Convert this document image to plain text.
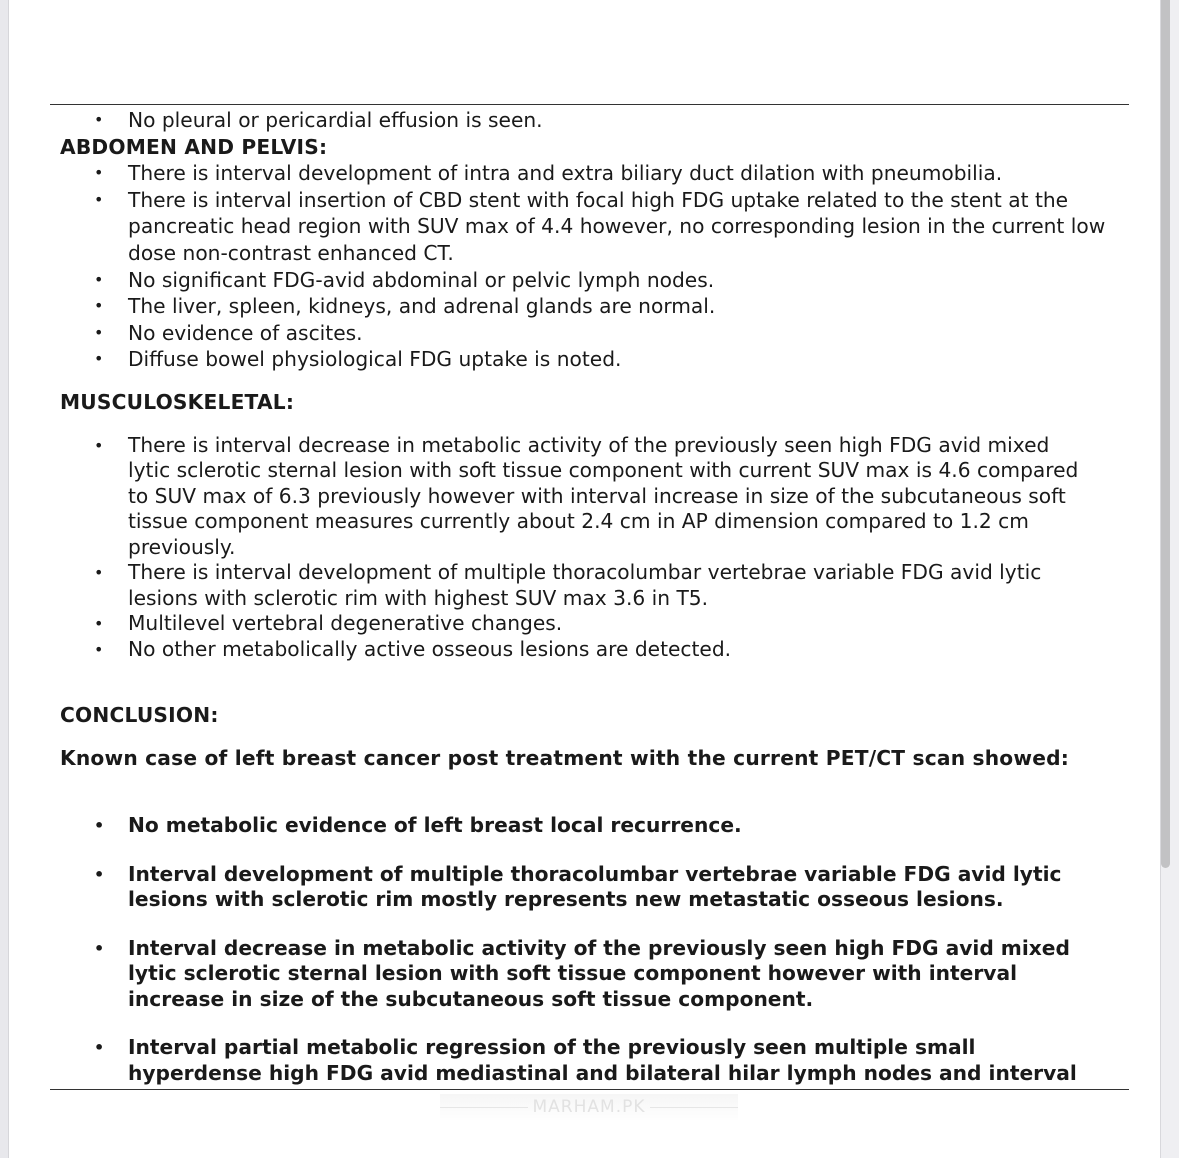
• No pleural or pericardial effusion is seen.
ABDOMEN AND PELVIS:
• There is interval development of intra and extra biliary duct dilation with pneumobilia.
• There is interval insertion of CBD stent with focal high FDG uptake related to the stent at the pancreatic head region with SUV max of 4.4 however, no corresponding lesion in the current low dose non-contrast enhanced CT.
• No significant FDG-avid abdominal or pelvic lymph nodes.
• The liver, spleen, kidneys, and adrenal glands are normal.
• No evidence of ascites.
• Diffuse bowel physiological FDG uptake is noted.
MUSCULOSKELETAL:
• There is interval decrease in metabolic activity of the previously seen high FDG avid mixed lytic sclerotic sternal lesion with soft tissue component with current SUV max is 4.6 compared to SUV max of 6.3 previously however with interval increase in size of the subcutaneous soft tissue component measures currently about 2.4 cm in AP dimension compared to 1.2 cm previously.
• There is interval development of multiple thoracolumbar vertebrae variable FDG avid lytic lesions with sclerotic rim with highest SUV max 3.6 in T5.
• Multilevel vertebral degenerative changes.
• No other metabolically active osseous lesions are detected.
CONCLUSION:
Known case of left breast cancer post treatment with the current PET/CT scan showed:
• No metabolic evidence of left breast local recurrence.
• Interval development of multiple thoracolumbar vertebrae variable FDG avid lytic lesions with sclerotic rim mostly represents new metastatic osseous lesions.
• Interval decrease in metabolic activity of the previously seen high FDG avid mixed lytic sclerotic sternal lesion with soft tissue component however with interval increase in size of the subcutaneous soft tissue component.
• Interval partial metabolic regression of the previously seen multiple small hyperdense high FDG avid mediastinal and bilateral hilar lymph nodes and interval
MARHAM.PK
